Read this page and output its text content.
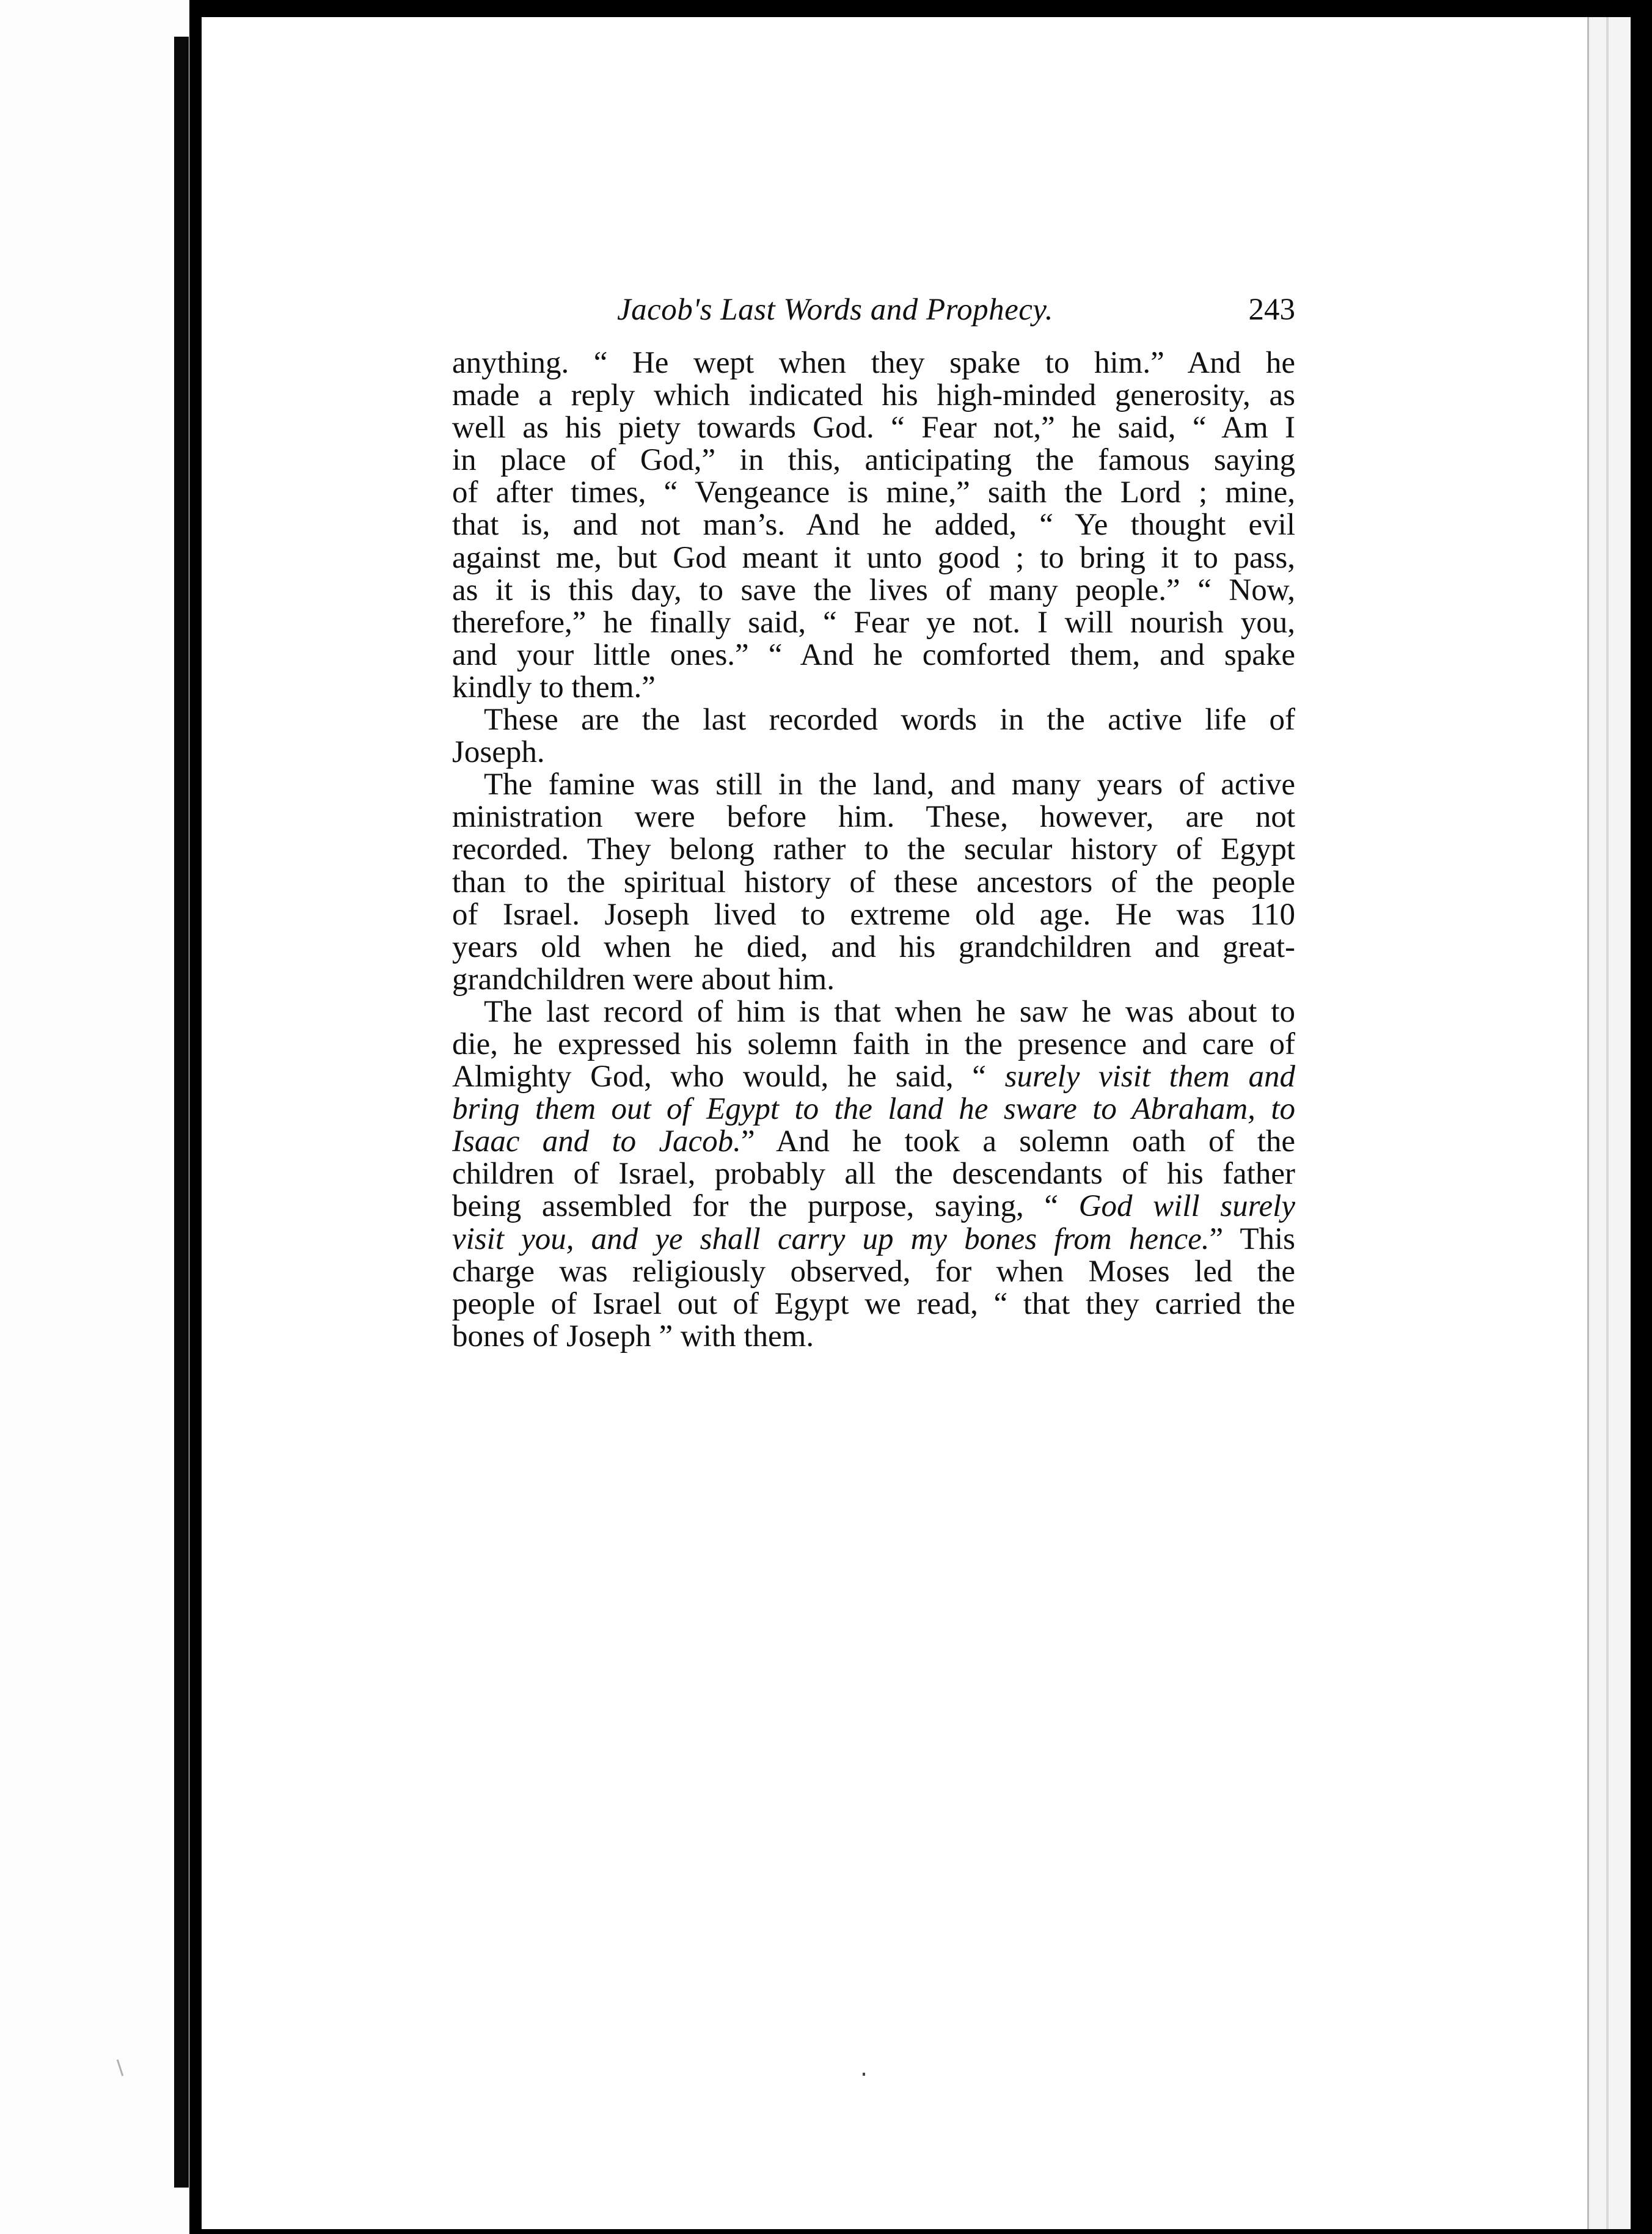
Jacob's Last Words and Prophecy.	243
anything. “ He wept when they spake to him.” And he
made a reply which indicated his high-minded generosity, as
well as his piety towards God. “ Fear not,” he said, “ Am I
in place of God,” in this, anticipating the famous saying
of after times, “ Vengeance is mine,” saith the Lord ; mine,
that is, and not man’s. And he added, “ Ye thought evil
against me, but God meant it unto good ; to bring it to pass,
as it is this day, to save the lives of many people.” “ Now,
therefore,” he finally said, “ Fear ye not. I will nourish you,
and your little ones.” “ And he comforted them, and spake
kindly to them.”
These are the last recorded words in the active life of
Joseph.
The famine was still in the land, and many years of active
ministration were before him. These, however, are not
recorded. They belong rather to the secular history of Egypt
than to the spiritual history of these ancestors of the people
of Israel. Joseph lived to extreme old age. He was 110
years old when he died, and his grandchildren and great-
grandchildren were about him.
The last record of him is that when he saw he was about to
die, he expressed his solemn faith in the presence and care of
Almighty God, who would, he said, “ surely visit them and
bring them out of Egypt to the land he sware to Abraham, to
Isaac and to Jacob.” And he took a solemn oath of the
children of Israel, probably all the descendants of his father
being assembled for the purpose, saying, “ God will surely
visit you, and ye shall carry up my bones from hence.” This
charge was religiously observed, for when Moses led the
people of Israel out of Egypt we read, “ that they carried the
bones of Joseph ” with them.
